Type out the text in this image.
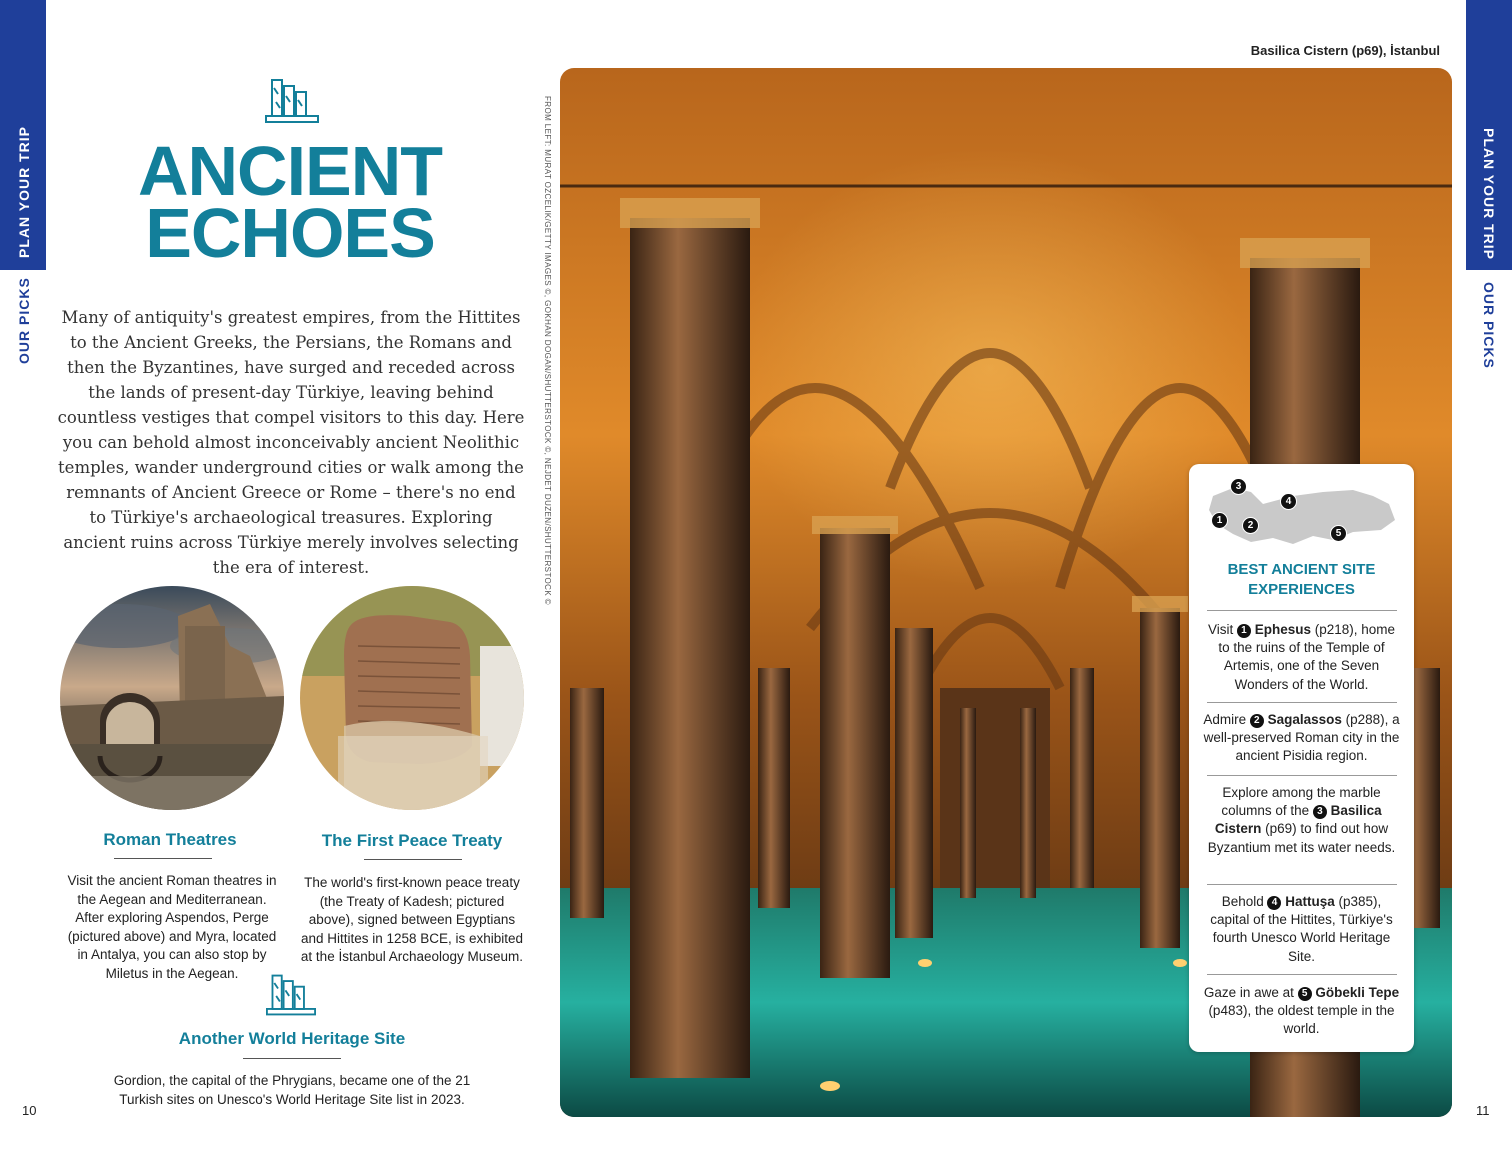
PLAN YOUR TRIP
OUR PICKS
PLAN YOUR TRIP
OUR PICKS
ANCIENT
ECHOES
Many of antiquity's greatest empires, from the Hittites to the Ancient Greeks, the Persians, the Romans and then the Byzantines, have surged and receded across the lands of present-day Türkiye, leaving behind countless vestiges that compel visitors to this day. Here you can behold almost inconceivably ancient Neolithic temples, wander underground cities or walk among the remnants of Ancient Greece or Rome – there's no end to Türkiye's archaeological treasures. Exploring ancient ruins across Türkiye merely involves selecting the era of interest.
Roman Theatres
Visit the ancient Roman theatres in the Aegean and Mediterranean. After exploring Aspendos, Perge (pictured above) and Myra, located in Antalya, you can also stop by Miletus in the Aegean.
The First Peace Treaty
The world's first-known peace treaty (the Treaty of Kadesh; pictured above), signed between Egyptians and Hittites in 1258 BCE, is exhibited at the İstanbul Archaeology Museum.
Another World Heritage Site
Gordion, the capital of the Phrygians, became one of the 21 Turkish sites on Unesco's World Heritage Site list in 2023.
10	11
FROM LEFT: MURAT OZCELIK/GETTY IMAGES ©, GOKHAN DOGAN/SHUTTERSTOCK ©, NEJDET DUZEN/SHUTTERSTOCK ©
Basilica Cistern (p69), İstanbul
3
4
1	2
5
BEST ANCIENT SITE
EXPERIENCES
Visit 1 Ephesus (p218), home to the ruins of the Temple of Artemis, one of the Seven Wonders of the World.
Admire 2 Sagalassos (p288), a well-preserved Roman city in the ancient Pisidia region.
Explore among the marble columns of the 3 Basilica Cistern (p69) to find out how Byzantium met its water needs.
Behold 4 Hattuşa (p385), capital of the Hittites, Türkiye's fourth Unesco World Heritage Site.
Gaze in awe at 5 Göbekli Tepe (p483), the oldest temple in the world.
